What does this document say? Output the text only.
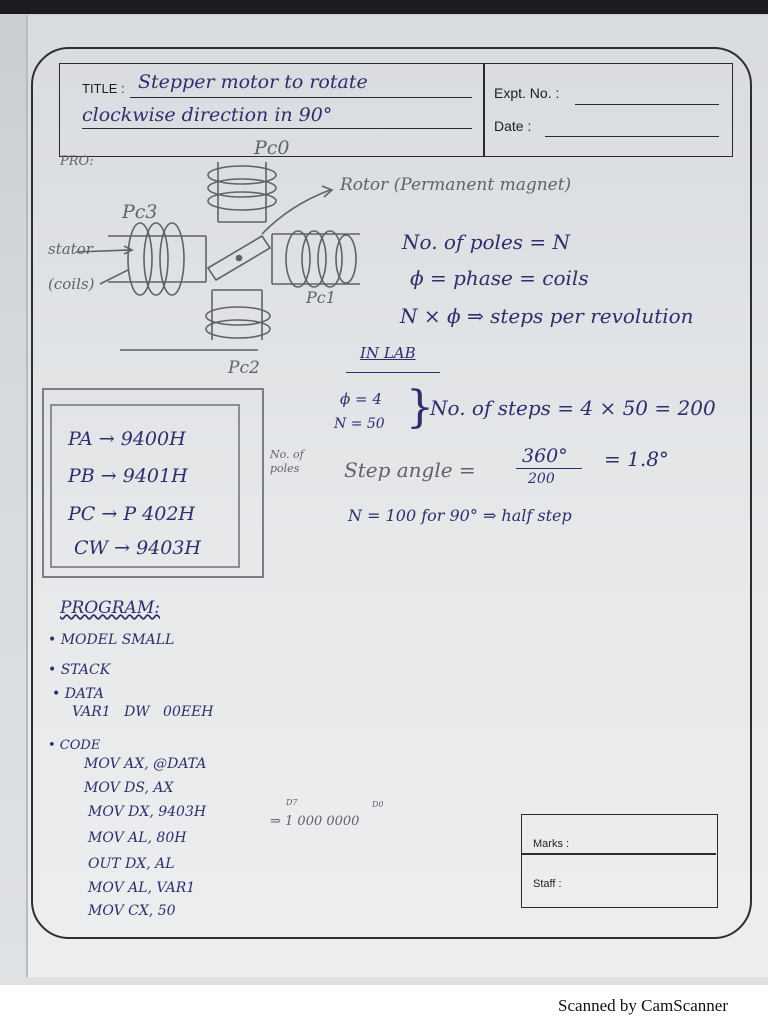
TITLE : Stepper motor to rotate
clockwise direction in 90°
Expt. No. :
Date :
PRO:
Pc0
Pc3
Pc1
Pc2
stator
(coils)
Rotor (Permanent magnet)
No. of poles = N
ϕ = phase = coils
N × ϕ ⇒ steps per revolution
IN LAB
ϕ = 4
N = 50 }
No. of steps = 4 × 50 = 200
No. of poles	Step angle =
360°
200
= 1.8°
N = 100 for 90° ⇒ half step
PA → 9400H
PB → 9401H
PC → P 402H
CW → 9403H
PROGRAM:
• MODEL SMALL
• STACK
• DATA
VAR1   DW   00EEH
• CODE
MOV AX, @DATA
MOV DS, AX
MOV DX, 9403H
MOV AL, 80H
⇒ 1 000 0000
D7	D0
OUT DX, AL
MOV AL, VAR1
MOV CX, 50
Marks :
Staff :
Scanned by CamScanner
